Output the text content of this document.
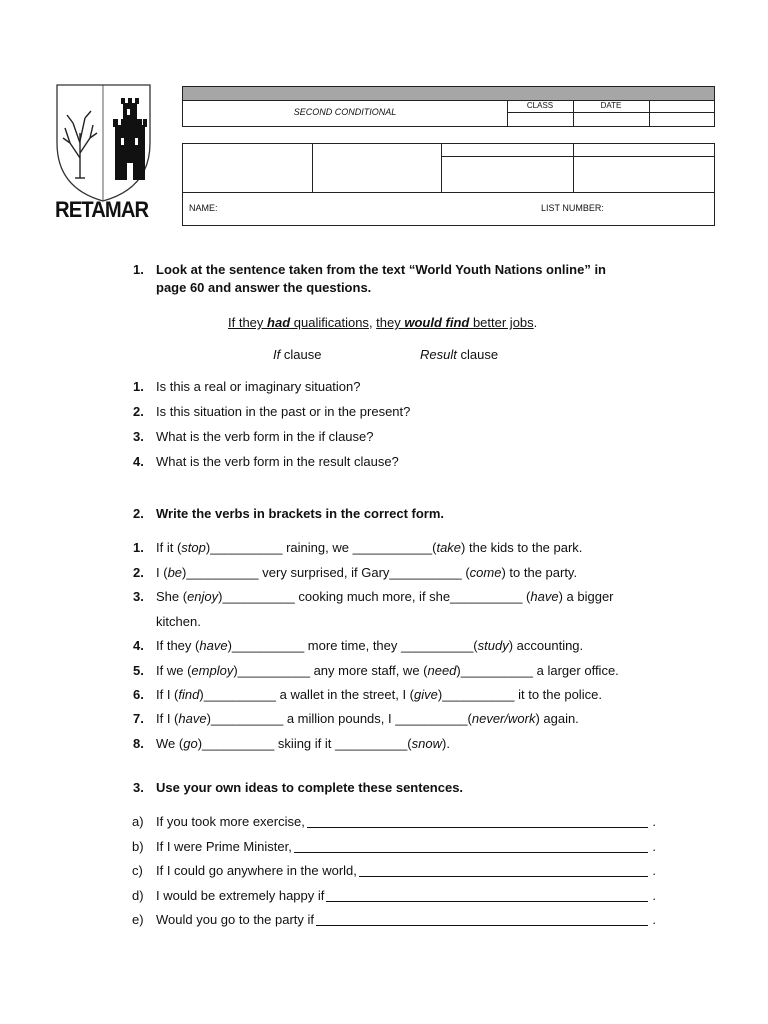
RETAMAR
SECOND CONDITIONAL
CLASS	DATE
NAME:	LIST NUMBER:
1. Look at the sentence taken from the text “World Youth Nations online” in
page 60 and answer the questions.
If they had qualifications, they would find better jobs.
If clause	Result clause
1. Is this a real or imaginary situation?
2. Is this situation in the past or in the present?
3. What is the verb form in the if clause?
4. What is the verb form in the result clause?
2. Write the verbs in brackets in the correct form.
1. If it (stop)__________ raining, we ___________(take) the kids to the park.
2. I (be)__________ very surprised, if Gary__________ (come) to the party.
3. She (enjoy)__________ cooking much more, if she__________ (have) a bigger
kitchen.
4. If they (have)__________ more time, they __________(study) accounting.
5. If we (employ)__________ any more staff, we (need)__________ a larger office.
6. If I (find)__________ a wallet in the street, I (give)__________ it to the police.
7. If I (have)__________ a million pounds, I __________(never/work) again.
8. We (go)__________ skiing if it __________(snow).
3. Use your own ideas to complete these sentences.
a) If you took more exercise,	.
b) If I were Prime Minister,	.
c) If I could go anywhere in the world,	.
d) I would be extremely happy if	.
e) Would you go to the party if	.
